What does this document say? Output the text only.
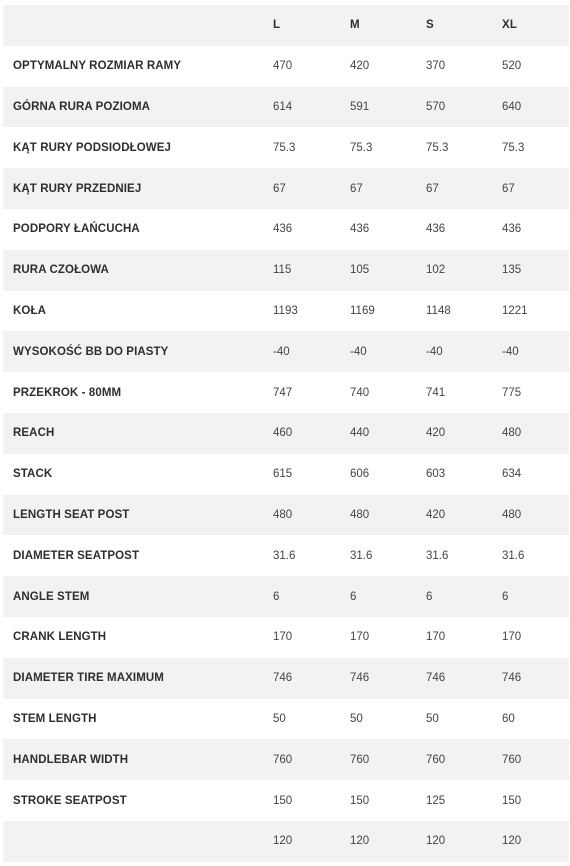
	L	M	S	XL
OPTYMALNY ROZMIAR RAMY	470	420	370	520
GÓRNA RURA POZIOMA	614	591	570	640
KĄT RURY PODSIODŁOWEJ	75.3	75.3	75.3	75.3
KĄT RURY PRZEDNIEJ	67	67	67	67
PODPORY ŁAŃCUCHA	436	436	436	436
RURA CZOŁOWA	115	105	102	135
KOŁA	1193	1169	1148	1221
WYSOKOŚĆ BB DO PIASTY	-40	-40	-40	-40
PRZEKROK - 80MM	747	740	741	775
REACH	460	440	420	480
STACK	615	606	603	634
LENGTH SEAT POST	480	480	420	480
DIAMETER SEATPOST	31.6	31.6	31.6	31.6
ANGLE STEM	6	6	6	6
CRANK LENGTH	170	170	170	170
DIAMETER TIRE MAXIMUM	746	746	746	746
STEM LENGTH	50	50	50	60
HANDLEBAR WIDTH	760	760	760	760
STROKE SEATPOST	150	150	125	150
	120	120	120	120
